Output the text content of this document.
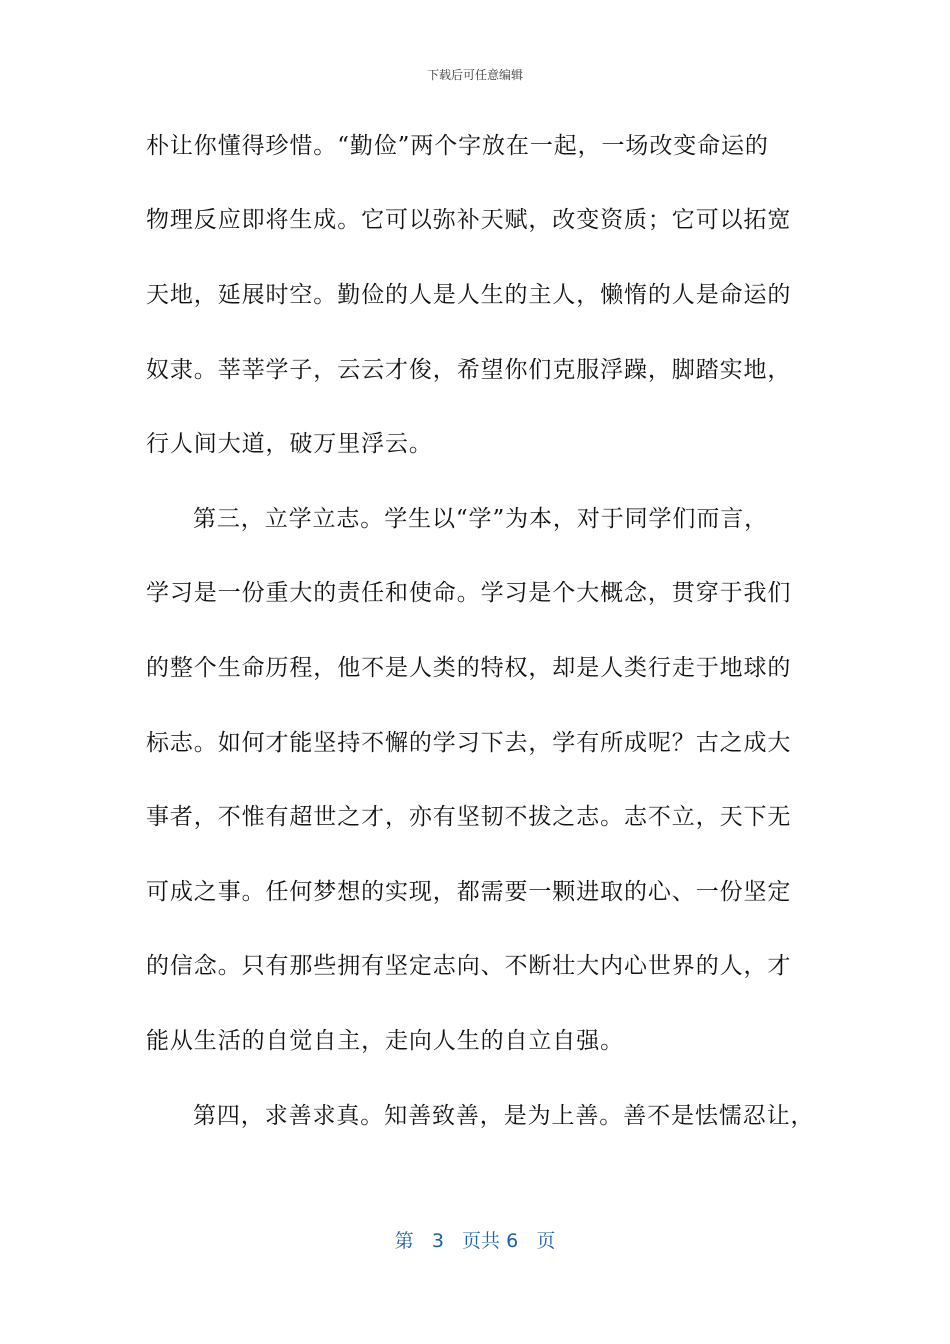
下载后可任意编辑
朴让你懂得珍惜。“勤俭”两个字放在一起，一场改变命运的
物理反应即将生成。它可以弥补天赋，改变资质；它可以拓宽
天地，延展时空。勤俭的人是人生的主人，懒惰的人是命运的
奴隶。莘莘学子，云云才俊，希望你们克服浮躁，脚踏实地，
行人间大道，破万里浮云。
第三，立学立志。学生以“学”为本，对于同学们而言，
学习是一份重大的责任和使命。学习是个大概念，贯穿于我们
的整个生命历程，他不是人类的特权，却是人类行走于地球的
标志。如何才能坚持不懈的学习下去，学有所成呢？古之成大
事者，不惟有超世之才，亦有坚韧不拔之志。志不立，天下无
可成之事。任何梦想的实现，都需要一颗进取的心、一份坚定
的信念。只有那些拥有坚定志向、不断壮大内心世界的人，才
能从生活的自觉自主，走向人生的自立自强。
第四，求善求真。知善致善，是为上善。善不是怯懦忍让，
第 3 页共 6 页
